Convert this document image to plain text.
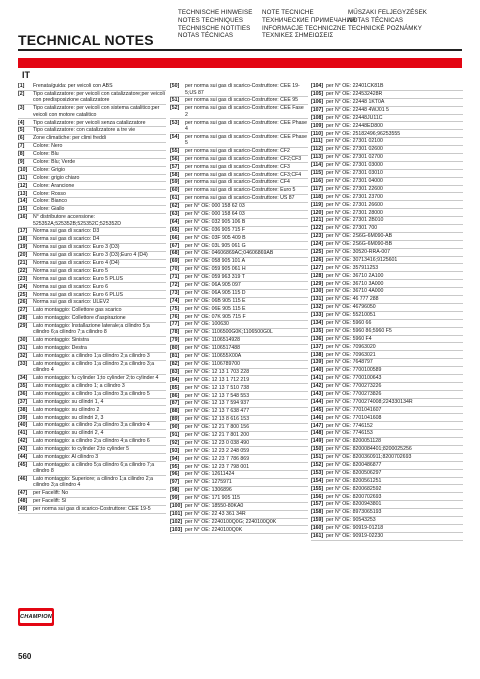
TECHNISCHE HINWEISE
NOTES TECHNIQUES
TECHNISCHE NOTITIES
NOTAS TÉCNICAS
NOTE TECNICHE
ТЕХНИЧЕСКИЕ ПРИМЕЧАНИЯ
INFORMACJE TECHNICZNE
ΤΕΧΝΙΚΕΣ ΣΗΜΕΙΩΣΕΙΣ
MŰSZAKI FELJEGYZÉSEK
NOTAS TÉCNICAS
TECHNICKÉ POZNÁMKY
TECHNICAL NOTES
IT
[1]	Frenata/guida: per veicoli con ABS
[2]	Tipo catalizzatore: per veicoli con catalizzatore;per veicoli con predisposizione catalizzatore
[3]	Tipo catalizzatore: per veicoli con sistema catalitico;per veicoli con motore catalitico
[4]	Tipo catalizzatore: per veicoli senza catalizzatore
[5]	Tipo catalizzatore: con catalizzatore a tre vie
[6]	Zone climatiche: per climi freddi
[7]	Colore: Nero
[8]	Colore: Blu
[9]	Colore: Blu; Verde
[10]	Colore: Grigio
[11]	Colore: grigio chiaro
[12]	Colore: Arancione
[13]	Colore: Rosso
[14]	Colore: Bianco
[15]	Colore: Giallo
[16]	N° distributore accensione: 525352A;525352B;525352C;525352D
[17]	Norma sui gas di scarico: D3
[18]	Norma sui gas di scarico: D4
[19]	Norma sui gas di scarico: Euro 3 (D3)
[20]	Norma sui gas di scarico: Euro 3 (D3);Euro 4 (D4)
[21]	Norma sui gas di scarico: Euro 4 (D4)
[22]	Norma sui gas di scarico: Euro 5
[23]	Norma sui gas di scarico: Euro 5 PLUS
[24]	Norma sui gas di scarico: Euro 6
[25]	Norma sui gas di scarico: Euro 6 PLUS
[26]	Norma sui gas di scarico: ULEV2
[27]	Lato montaggio: Collettore gas scarico
[28]	Lato montaggio: Collettore d'aspirazione
[29]	Lato montaggio: Installazione laterale;a cilindro 5;a cilindro 6;a cilindro 7;a cilindro 8
[30]	Lato montaggio: Sinistra
[31]	Lato montaggio: Destra
[32]	Lato montaggio: a cilindro 1;a cilindro 2;a cilindro 3
[33]	Lato montaggio: a cilindro 1;a cilindro 2;a cilindro 3;a cilindro 4
[34]	Lato montaggio: fu cylinder 1;to cylinder 2;to cylinder 4
[35]	Lato montaggio: a cilindro 1; a cilindro 3
[36]	Lato montaggio: a cilindro 1;a cilindro 3;a cilindro 5
[37]	Lato montaggio: su cilindri 1, 4
[38]	Lato montaggio: su cilindro 2
[39]	Lato montaggio: su cilindri 2, 3
[40]	Lato montaggio: a cilindro 2;a cilindro 3;a cilindro 4
[41]	Lato montaggio: su cilindri 2, 4
[42]	Lato montaggio: a cilindro 2;a cilindro 4;a cilindro 6
[43]	Lato montaggio: to cylinder 2;to cylinder 5
[44]	Lato montaggio: Al cilindro 3
[45]	Lato montaggio: a cilindro 5;a cilindro 6;a cilindro 7;a cilindro 8
[46]	Lato montaggio: Superiore; a cilindro 1;a cilindro 2;a cilindro 3;a cilindro 4
[47]	per Facelift: No
[48]	per Facelift: Sì
[49]	per norma sui gas di scarico-Costruttore: CEE 19-5
[50]	per norma sui gas di scarico-Costruttore: CEE 19-5;US 87
[51]	per norma sui gas di scarico-Costruttore: CEE 95
[52]	per norma sui gas di scarico-Costruttore: CEE Fase 2
[53]	per norma sui gas di scarico-Costruttore: CEE Phase 4
[54]	per norma sui gas di scarico-Costruttore: CEE Phase 5
[55]	per norma sui gas di scarico-Costruttore: CF2
[56]	per norma sui gas di scarico-Costruttore: CF2;CF3
[57]	per norma sui gas di scarico-Costruttore: CF3
[58]	per norma sui gas di scarico-Costruttore: CF3;CF4
[59]	per norma sui gas di scarico-Costruttore: CF4
[60]	per norma sui gas di scarico-Costruttore: Euro 5
[61]	per norma sui gas di scarico-Costruttore: US 87
[62]	per N° OE: 000 158 62 03
[63]	per N° OE: 000 158 64 03
[64]	per N° OE: 032 905 106 B
[65]	per N° OE: 036 905 715 F
[66]	per N° OE: 03F 905 409 B
[67]	per N° OE: 03L 905 061 G
[68]	per N° OE: 04606869AC;04606869AB
[69]	per N° OE: 058 905 101 A
[70]	per N° OE: 059 905 061 H
[71]	per N° OE: 059 963 319 T
[72]	per N° OE: 06A 905 097
[73]	per N° OE: 06A 905 115 D
[74]	per N° OE: 06B 905 115 E
[75]	per N° OE: 06E 905 115 E
[76]	per N° OE: 07K 905 715 F
[77]	per N° OE: 100630
[78]	per N° OE: 1106500G0K;1106500G0L
[79]	per N° OE: 1106514928
[80]	per N° OE: 1106517488
[81]	per N° OE: 110655X00A
[82]	per N° OE: 1106789700
[83]	per N° OE: 12 13 1 703 228
[84]	per N° OE: 12 13 1 712 219
[85]	per N° OE: 12 13 7 510 738
[86]	per N° OE: 12 13 7 548 553
[87]	per N° OE: 12 13 7 594 937
[88]	per N° OE: 12 13 7 638 477
[89]	per N° OE: 12 13 8 616 153
[90]	per N° OE: 12 21 7 800 156
[91]	per N° OE: 12 21 7 801 200
[92]	per N° OE: 12 23 0 038 490
[93]	per N° OE: 12 23 2 248 059
[94]	per N° OE: 12 23 7 786 869
[95]	per N° OE: 12 23 7 798 001
[96]	per N° OE: 12611424
[97]	per N° OE: 1275971
[98]	per N° OE: 1306896
[99]	per N° OE: 171 905 115
[100] per N° OE: 18550-80KA0
[101] per N° OE: 22 43 361 34R
[102] per N° OE: 2240100Q0G; 2240100Q0K
[103] per N° OE: 2240100Q0K
[104] per N° OE: 22401CK81B
[105] per N° OE: 224532428R
[106] per N° OE: 22448 1KT0A
[107] per N° OE: 22448 4WJ01 5
[108] per N° OE: 22448JU11C
[109] per N° OE: 22448ED800
[110] per N° OE: 25182496;96253555
[111] per N° OE: 27301 02100
[112] per N° OE: 27301 02600
[113] per N° OE: 27301 02700
[114] per N° OE: 27301 03000
[115] per N° OE: 27301 03010
[116] per N° OE: 27301 04000
[117] per N° OE: 27301 22600
[118] per N° OE: 27301 23700
[119] per N° OE: 27301 26600
[120] per N° OE: 27301 28000
[121] per N° OE: 27301 2B010
[122] per N° OE: 27301 700
[123] per N° OE: 2S6G-6M090-AB
[124] per N° OE: 2S6G-6M090-BB
[125] per N° OE: 30520-RRA-007
[126] per N° OE: 30713416;9125601
[127] per N° OE: 357911253
[128] per N° OE: 36710 2A100
[129] per N° OE: 36710 3A000
[130] per N° OE: 36710 4A000
[131] per N° OE: 46 777 288
[132] per N° OE: 46796050
[133] per N° OE: 55210051
[134] per N° OE: 5960 66
[135] per N° OE: 5960 86;5960 F5
[136] per N° OE: 5960 F4
[137] per N° OE: 70963020
[138] per N° OE: 70963021
[139] per N° OE: 7648797
[140] per N° OE: 7700100589
[141] per N° OE: 7700100643
[142] per N° OE: 7700273226
[143] per N° OE: 7700273826
[144] per N° OE: 7700274008;224330134R
[145] per N° OE: 7701041607
[146] per N° OE: 7701041608
[147] per N° OE: 7746152
[148] per N° OE: 7746153
[149] per N° OE: 8200051128
[150] per N° OE: 8200084401;8200025256
[151] per N° OE: 8200360911;8200702693
[152] per N° OE: 8200486877
[153] per N° OE: 8200506297
[154] per N° OE: 8200561251
[155] per N° OE: 8200682592
[156] per N° OE: 8200702693
[157] per N° OE: 8200943801
[158] per N° OE: 8973065193
[159] per N° OE: 90543253
[160] per N° OE: 90919-01218
[161] per N° OE: 90919-02230
CHAMPION
560
